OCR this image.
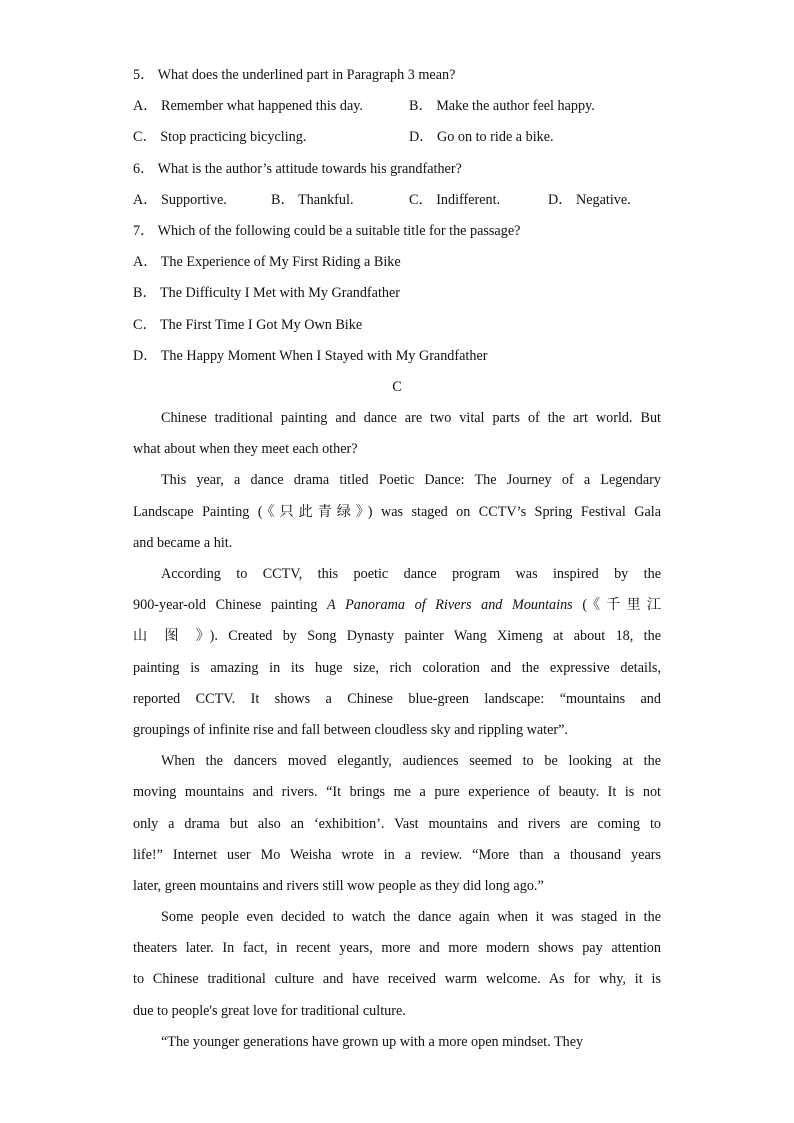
5． What does the underlined part in Paragraph 3 mean?
A． Remember what happened this day.	B． Make the author feel happy.
C． Stop practicing bicycling.	D． Go on to ride a bike.
6． What is the author’s attitude towards his grandfather?
A． Supportive.	B． Thankful.	C． Indifferent.	D． Negative.
7． Which of the following could be a suitable title for the passage?
A． The Experience of My First Riding a Bike
B． The Difficulty I Met with My Grandfather
C． The First Time I Got My Own Bike
D． The Happy Moment When I Stayed with My Grandfather
C
Chinese traditional painting and dance are two vital parts of the art world. But
what about when they meet each other?
This year, a dance drama titled Poetic Dance: The Journey of a Legendary
Landscape Painting (《只此青绿》) was staged on CCTV’s Spring Festival Gala
and became a hit.
According to CCTV, this poetic dance program was inspired by the
900-year-old Chinese painting A Panorama of Rivers and Mountains (《千里江
山 图 》). Created by Song Dynasty painter Wang Ximeng at about 18, the
painting is amazing in its huge size, rich coloration and the expressive details,
reported CCTV. It shows a Chinese blue-green landscape: “mountains and
groupings of infinite rise and fall between cloudless sky and rippling water”.
When the dancers moved elegantly, audiences seemed to be looking at the
moving mountains and rivers. “It brings me a pure experience of beauty. It is not
only a drama but also an ‘exhibition’. Vast mountains and rivers are coming to
life!” Internet user Mo Weisha wrote in a review. “More than a thousand years
later, green mountains and rivers still wow people as they did long ago.”
Some people even decided to watch the dance again when it was staged in the
theaters later. In fact, in recent years, more and more modern shows pay attention
to Chinese traditional culture and have received warm welcome. As for why, it is
due to people's great love for traditional culture.
“The younger generations have grown up with a more open mindset. They
